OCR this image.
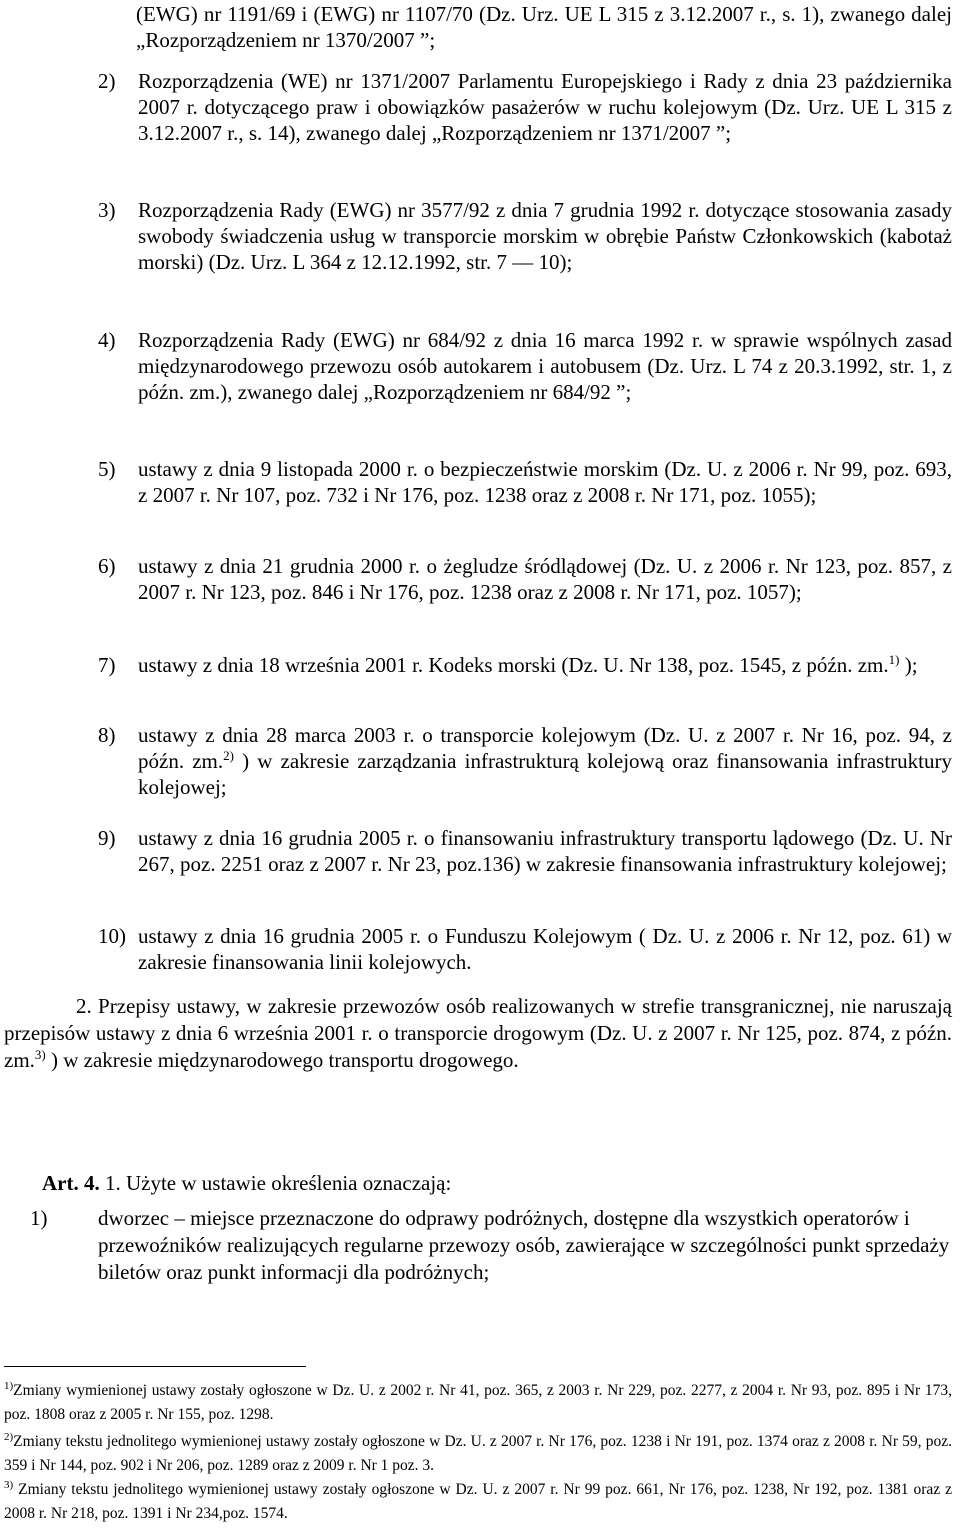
(EWG) nr 1191/69 i (EWG) nr 1107/70 (Dz. Urz. UE L 315 z 3.12.2007 r., s. 1), zwanego dalej „Rozporządzeniem nr 1370/2007 ”;
2) Rozporządzenia (WE) nr 1371/2007 Parlamentu Europejskiego i Rady z dnia 23 października 2007 r. dotyczącego praw i obowiązków pasażerów w ruchu kolejowym (Dz. Urz. UE L 315 z 3.12.2007 r., s. 14), zwanego dalej „Rozporządzeniem nr 1371/2007 ”;
3) Rozporządzenia Rady (EWG) nr 3577/92 z dnia 7 grudnia 1992 r. dotyczące stosowania zasady swobody świadczenia usług w transporcie morskim w obrębie Państw Członkowskich (kabotaż morski) (Dz. Urz. L 364 z 12.12.1992, str. 7 — 10);
4) Rozporządzenia Rady (EWG) nr 684/92 z dnia 16 marca 1992 r. w sprawie wspólnych zasad międzynarodowego przewozu osób autokarem i autobusem (Dz. Urz. L 74 z 20.3.1992, str. 1, z późn. zm.), zwanego dalej „Rozporządzeniem nr 684/92 ”;
5) ustawy z dnia 9 listopada 2000 r. o bezpieczeństwie morskim (Dz. U. z 2006 r. Nr 99, poz. 693, z 2007 r. Nr 107, poz. 732 i Nr 176, poz. 1238 oraz z 2008 r. Nr 171, poz. 1055);
6) ustawy z dnia 21 grudnia 2000 r. o żegludze śródlądowej (Dz. U. z 2006 r. Nr 123, poz. 857, z 2007 r. Nr 123, poz. 846 i Nr 176, poz. 1238 oraz z 2008 r. Nr 171, poz. 1057);
7) ustawy z dnia 18 września 2001 r. Kodeks morski (Dz. U. Nr 138, poz. 1545, z późn. zm.$^{1)}$ );
8) ustawy z dnia 28 marca 2003 r. o transporcie kolejowym (Dz. U. z 2007 r. Nr 16, poz. 94, z późn. zm.$^{2)}$ ) w zakresie zarządzania infrastrukturą kolejową oraz finansowania infrastruktury kolejowej;
9) ustawy z dnia 16 grudnia 2005 r. o finansowaniu infrastruktury transportu lądowego (Dz. U. Nr 267, poz. 2251 oraz z 2007 r. Nr 23, poz.136) w zakresie finansowania infrastruktury kolejowej;
10) ustawy z dnia 16 grudnia 2005 r. o Funduszu Kolejowym ( Dz. U. z 2006 r. Nr 12, poz. 61) w zakresie finansowania linii kolejowych.
2. Przepisy ustawy, w zakresie przewozów osób realizowanych w strefie transgranicznej, nie naruszają przepisów ustawy z dnia 6 września 2001 r. o transporcie drogowym (Dz. U. z 2007 r. Nr 125, poz. 874, z późn. zm.$^{3)}$ ) w zakresie międzynarodowego transportu drogowego.
Art. 4. 1. Użyte w ustawie określenia oznaczają:
1) dworzec – miejsce przeznaczone do odprawy podróżnych, dostępne dla wszystkich operatorów i przewoźników realizujących regularne przewozy osób, zawierające w szczególności punkt sprzedaży biletów oraz punkt informacji dla podróżnych;
$^{1)}$Zmiany wymienionej ustawy zostały ogłoszone w Dz. U. z 2002 r. Nr 41, poz. 365, z 2003 r. Nr 229, poz. 2277, z 2004 r. Nr 93, poz. 895 i Nr 173, poz. 1808 oraz z 2005 r. Nr 155, poz. 1298.
$^{2)}$Zmiany tekstu jednolitego wymienionej ustawy zostały ogłoszone w Dz. U. z 2007 r. Nr 176, poz. 1238 i Nr 191, poz. 1374 oraz z 2008 r. Nr 59, poz. 359 i Nr 144, poz. 902 i Nr 206, poz. 1289 oraz z 2009 r. Nr 1 poz. 3.
$^{3)}$ Zmiany tekstu jednolitego wymienionej ustawy zostały ogłoszone w Dz. U. z 2007 r. Nr 99 poz. 661, Nr 176, poz. 1238, Nr 192, poz. 1381 oraz z 2008 r. Nr 218, poz. 1391 i Nr 234,poz. 1574.
